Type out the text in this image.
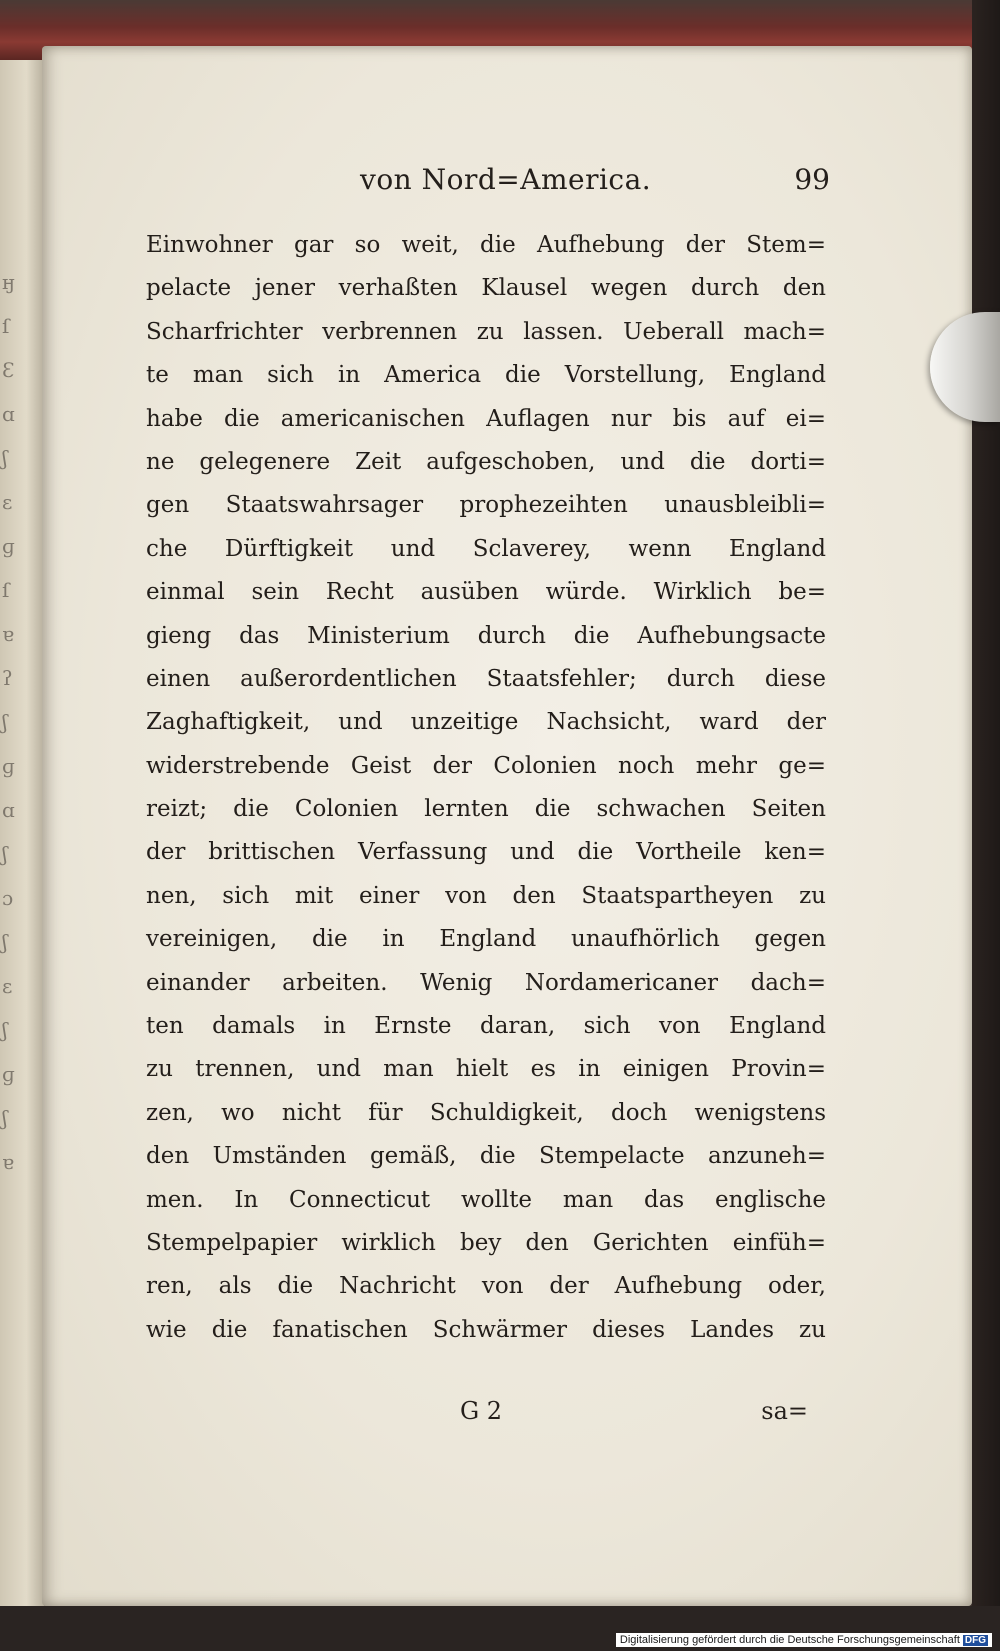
ӈ
ſ
Ɛ
ɑ
ʃ
ɛ
ɡ
ſ
ɐ
ʔ
ʃ
ɡ
ɑ
ʃ
ɔ
ʃ
ɛ
ʃ
ɡ
ʃ
ɐ
von Nord=America.	99
Einwohner gar so weit, die Aufhebung der Stem=
pelacte jener verhaßten Klausel wegen durch den
Scharfrichter verbrennen zu lassen. Ueberall mach=
te man sich in America die Vorstellung, England
habe die americanischen Auflagen nur bis auf ei=
ne gelegenere Zeit aufgeschoben, und die dorti=
gen Staatswahrsager prophezeihten unausbleibli=
che Dürftigkeit und Sclaverey, wenn England
einmal sein Recht ausüben würde. Wirklich be=
gieng das Ministerium durch die Aufhebungsacte
einen außerordentlichen Staatsfehler; durch diese
Zaghaftigkeit, und unzeitige Nachsicht, ward der
widerstrebende Geist der Colonien noch mehr ge=
reizt; die Colonien lernten die schwachen Seiten
der brittischen Verfassung und die Vortheile ken=
nen, sich mit einer von den Staatspartheyen zu
vereinigen, die in England unaufhörlich gegen
einander arbeiten. Wenig Nordamericaner dach=
ten damals in Ernste daran, sich von England
zu trennen, und man hielt es in einigen Provin=
zen, wo nicht für Schuldigkeit, doch wenigstens
den Umständen gemäß, die Stempelacte anzuneh=
men. In Connecticut wollte man das englische
Stempelpapier wirklich bey den Gerichten einfüh=
ren, als die Nachricht von der Aufhebung oder,
wie die fanatischen Schwärmer dieses Landes zu
G 2	sa=
Digitalisierung gefördert durch die Deutsche Forschungsgemeinschaft DFG
